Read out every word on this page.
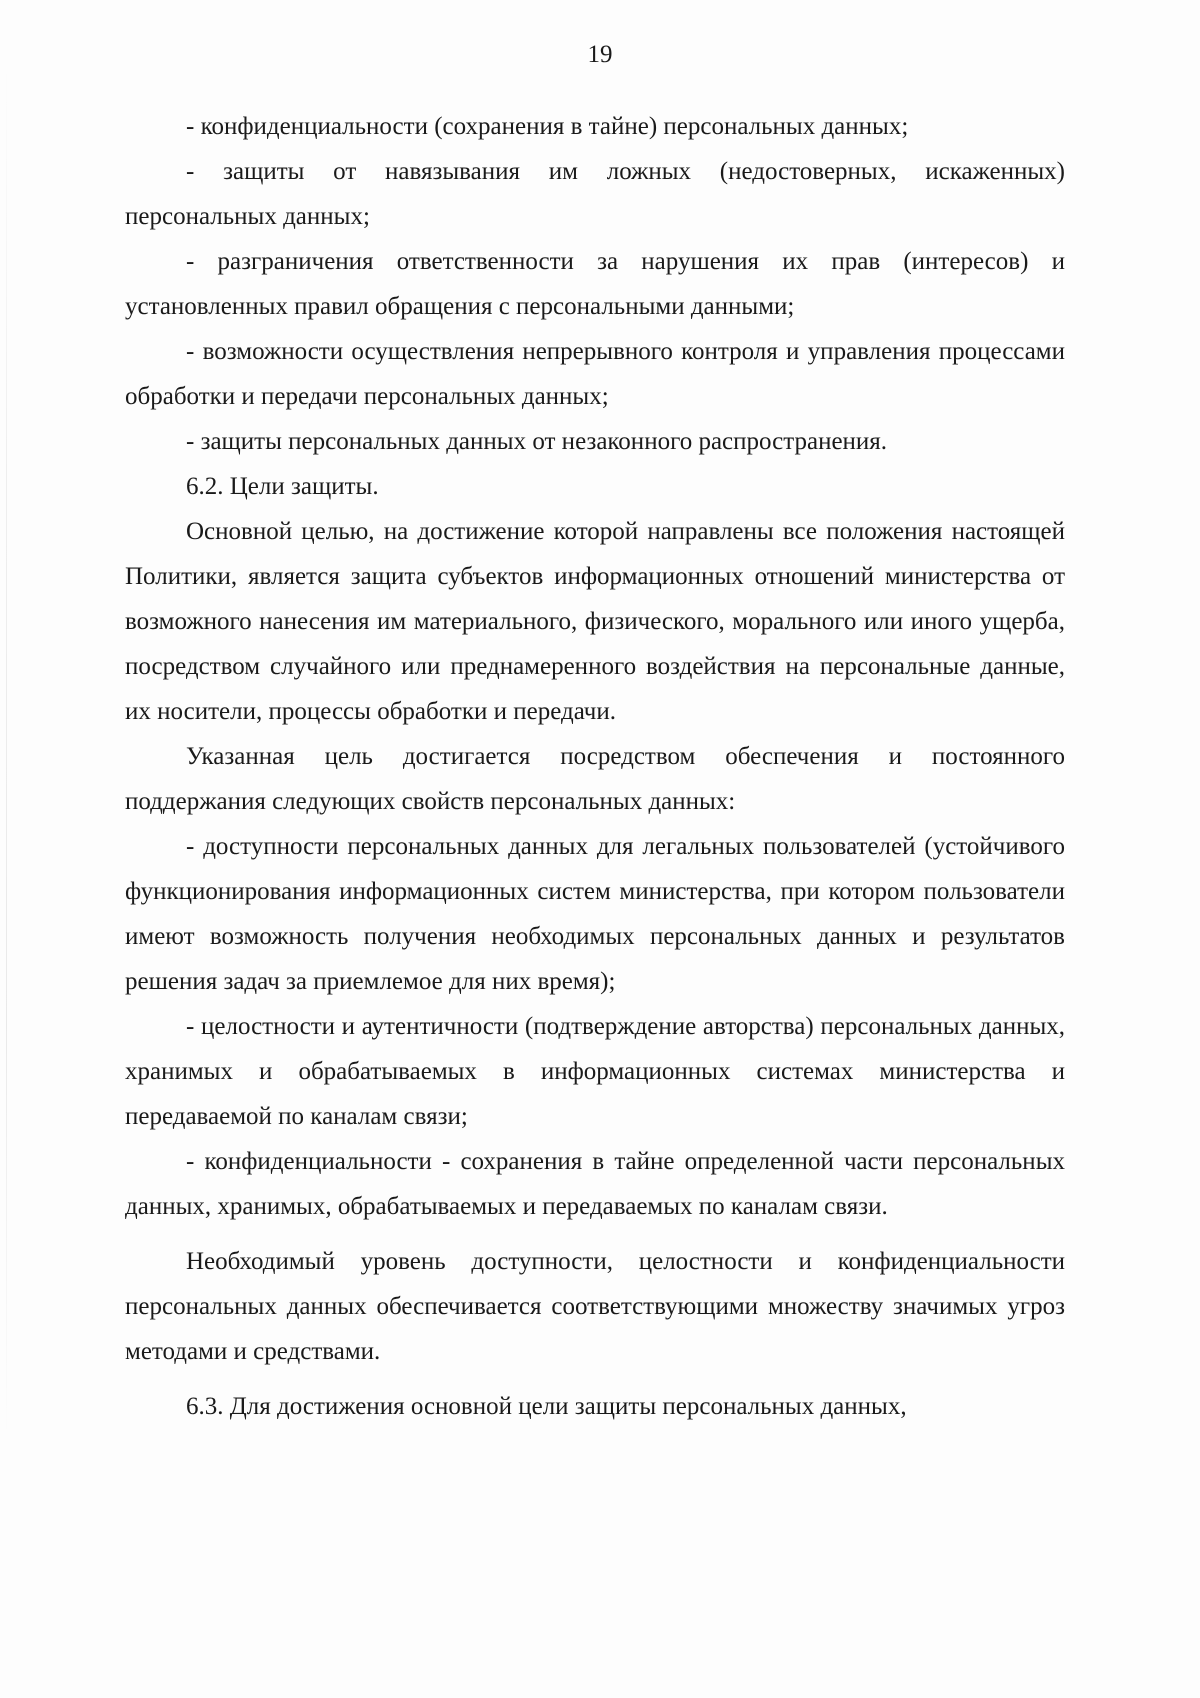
19

- конфиденциальности (сохранения в тайне) персональных данных;

- защиты от навязывания им ложных (недостоверных, искаженных) персональных данных;

- разграничения ответственности за нарушения их прав (интересов) и установленных правил обращения с персональными данными;

- возможности осуществления непрерывного контроля и управления процессами обработки и передачи персональных данных;

- защиты персональных данных от незаконного распространения.

6.2. Цели защиты.

Основной целью, на достижение которой направлены все положения настоящей Политики, является защита субъектов информационных отношений министерства от возможного нанесения им материального, физического, морального или иного ущерба, посредством случайного или преднамеренного воздействия на персональные данные, их носители, процессы обработки и передачи.

Указанная цель достигается посредством обеспечения и постоянного поддержания следующих свойств персональных данных:

- доступности персональных данных для легальных пользователей (устойчивого функционирования информационных систем министерства, при котором пользователи имеют возможность получения необходимых персональных данных и результатов решения задач за приемлемое для них время);

- целостности и аутентичности (подтверждение авторства) персональных данных, хранимых и обрабатываемых в информационных системах министерства и передаваемой по каналам связи;

- конфиденциальности - сохранения в тайне определенной части персональных данных, хранимых, обрабатываемых и передаваемых по каналам связи.

Необходимый уровень доступности, целостности и конфиденциальности персональных данных обеспечивается соответствующими множеству значимых угроз методами и средствами.

6.3. Для достижения основной цели защиты персональных данных,
